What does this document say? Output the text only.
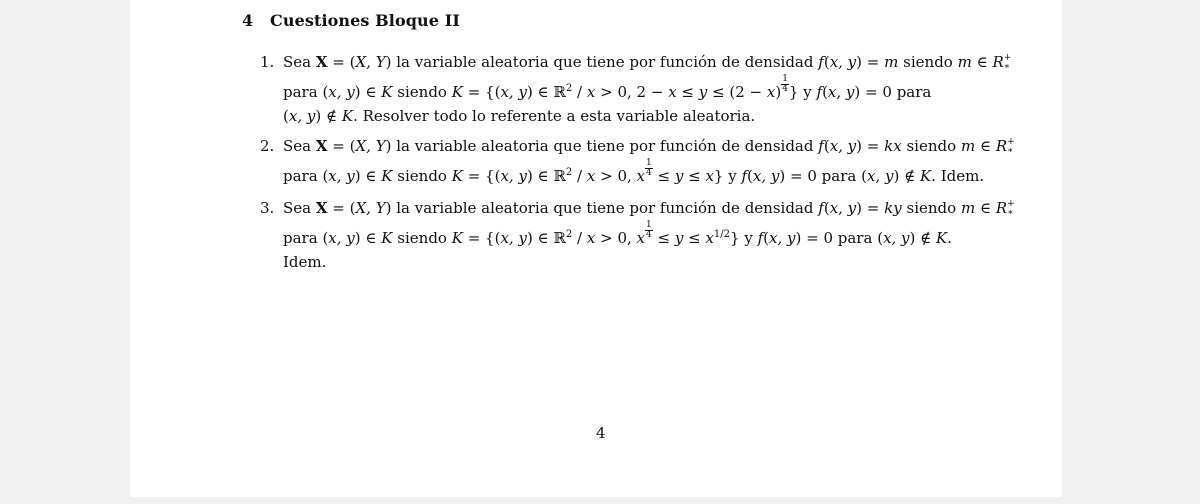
4 Cuestiones Bloque II
1. Sea X = (X, Y) la variable aleatoria que tiene por función de densidad f(x, y) = m siendo m ∈ R +
∗
para (x, y) ∈ K siendo K = {(x, y) ∈ ℝ$^2$ / x > 0, $2 - x \le y \le (2 - x) \frac{1}{4}$ } y f(x, y) = 0 para
(x, y) ∉ K. Resolver todo lo referente a esta variable aleatoria.
2. Sea X = (X, Y) la variable aleatoria que tiene por función de densidad f(x, y) = kx siendo m ∈ R +
∗
para (x, y) ∈ K siendo K = {(x, y) ∈ ℝ$^2$ / x > 0, x $\frac{1}{4} \le y \le x$} y f(x, y) = 0 para (x, y) ∉ K. Idem.
3. Sea X = (X, Y) la variable aleatoria que tiene por función de densidad f(x, y) = ky siendo m ∈ R +
∗
para (x, y) ∈ K siendo K = {(x, y) ∈ ℝ$^2$ / x > 0, x $\frac{1}{4} \le y \le x^{1/2}$} y f(x, y) = 0 para (x, y) ∉ K.
Idem.
4
